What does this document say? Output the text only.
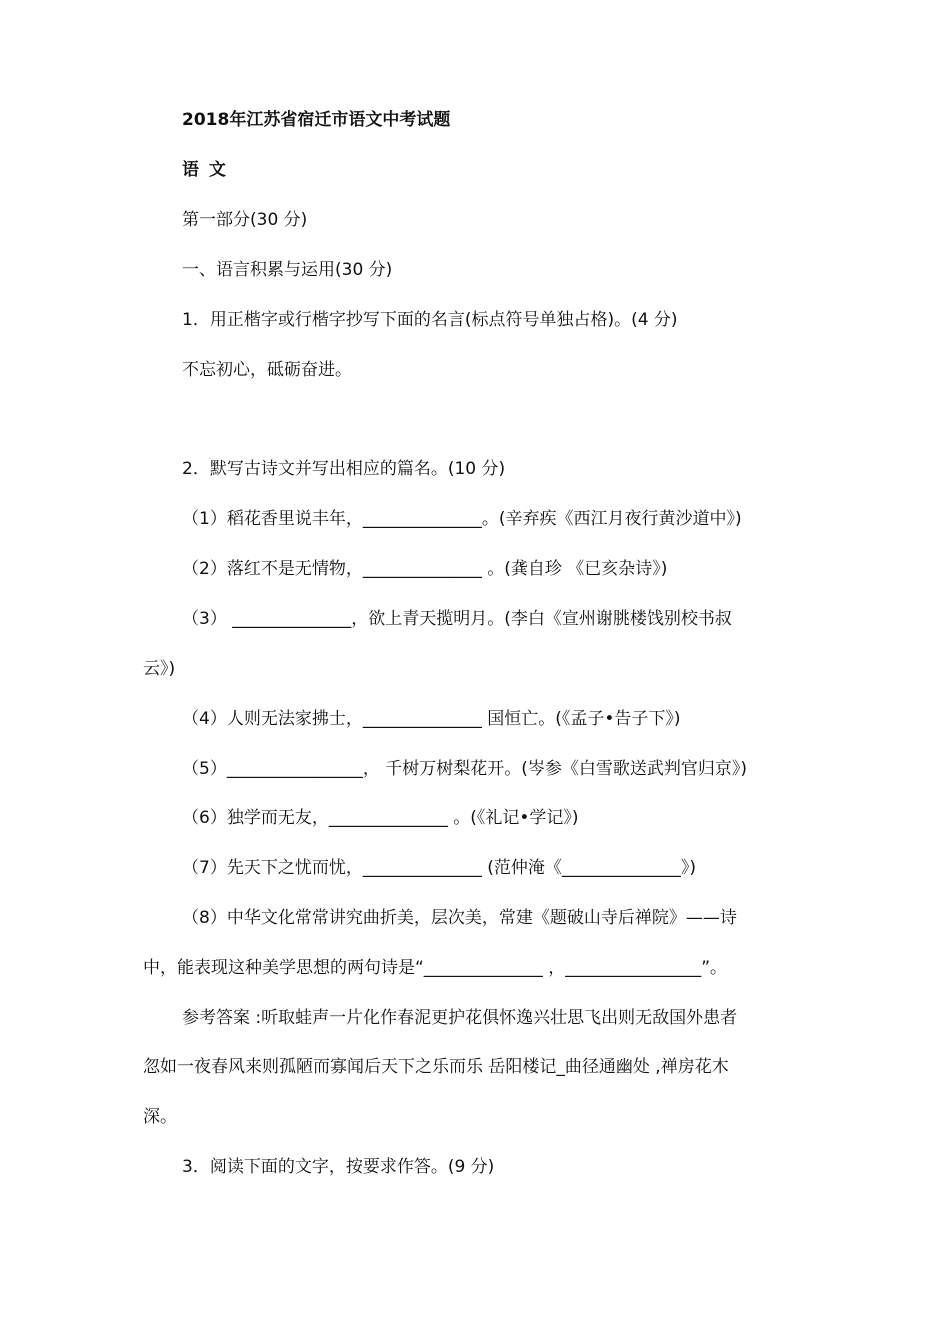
2018年江苏省宿迁市语文中考试题
语 文
第一部分(30 分)
一、语言积累与运用(30 分)
1．用正楷字或行楷字抄写下面的名言(标点符号单独占格)。(4 分)
不忘初心，砥砺奋进。
2．默写古诗文并写出相应的篇名。(10 分)
（1）稻花香里说丰年，______________。(辛弃疾《西江月夜行黄沙道中》)
（2）落红不是无情物，______________ 。(龚自珍 《已亥杂诗》)
（3） ______________，欲上青天揽明月。(李白《宣州谢朓楼饯别校书叔
云》)
（4）人则无法家拂士，______________ 国恒亡。(《孟子•告子下》)
（5）________________， 千树万树梨花开。(岑参《白雪歌送武判官归京》)
（6）独学而无友，______________ 。(《礼记•学记》)
（7）先天下之忧而忧，______________ (范仲淹《______________》)
（8）中华文化常常讲究曲折美，层次美，常建《题破山寺后禅院》——诗
中，能表现这种美学思想的两句诗是“______________ ，________________”。
参考答案 :听取蛙声一片化作春泥更护花俱怀逸兴壮思飞出则无敌国外患者
忽如一夜春风来则孤陋而寡闻后天下之乐而乐 岳阳楼记_曲径通幽处 ,禅房花木
深。
3．阅读下面的文字，按要求作答。(9 分)
